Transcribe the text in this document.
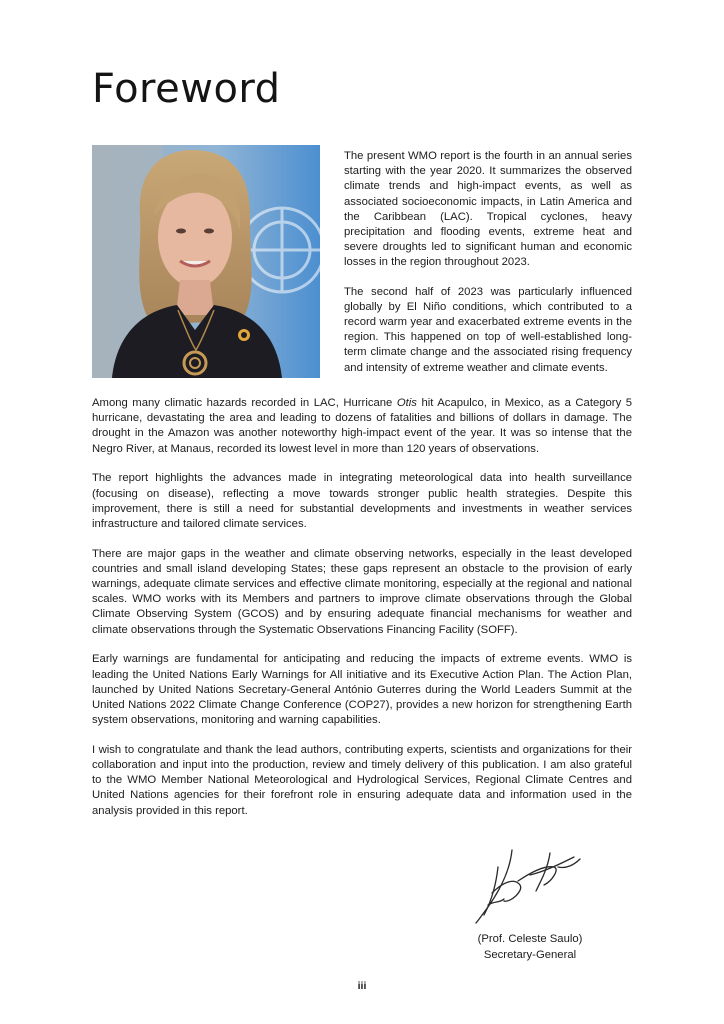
Foreword

The present WMO report is the fourth in an annual series starting with the year 2020. It summarizes the observed climate trends and high-impact events, as well as associated socioeconomic impacts, in Latin America and the Caribbean (LAC). Tropical cyclones, heavy precipitation and flooding events, extreme heat and severe droughts led to significant human and economic losses in the region throughout 2023.

The second half of 2023 was particularly influenced globally by El Niño conditions, which contributed to a record warm year and exacerbated extreme events in the region. This happened on top of well-established long-term climate change and the associated rising frequency and intensity of extreme weather and climate events.

Among many climatic hazards recorded in LAC, Hurricane Otis hit Acapulco, in Mexico, as a Category 5 hurricane, devastating the area and leading to dozens of fatalities and billions of dollars in damage. The drought in the Amazon was another noteworthy high-impact event of the year. It was so intense that the Negro River, at Manaus, recorded its lowest level in more than 120 years of observations.

The report highlights the advances made in integrating meteorological data into health surveillance (focusing on disease), reflecting a move towards stronger public health strategies. Despite this improvement, there is still a need for substantial developments and investments in weather services infrastructure and tailored climate services.

There are major gaps in the weather and climate observing networks, especially in the least developed countries and small island developing States; these gaps represent an obstacle to the provision of early warnings, adequate climate services and effective climate monitoring, especially at the regional and national scales. WMO works with its Members and partners to improve climate observations through the Global Climate Observing System (GCOS) and by ensuring adequate financial mechanisms for weather and climate observations through the Systematic Observations Financing Facility (SOFF).

Early warnings are fundamental for anticipating and reducing the impacts of extreme events. WMO is leading the United Nations Early Warnings for All initiative and its Executive Action Plan. The Action Plan, launched by United Nations Secretary-General António Guterres during the World Leaders Summit at the United Nations 2022 Climate Change Conference (COP27), provides a new horizon for strengthening Earth system observations, monitoring and warning capabilities.

I wish to congratulate and thank the lead authors, contributing experts, scientists and organizations for their collaboration and input into the production, review and timely delivery of this publication. I am also grateful to the WMO Member National Meteorological and Hydrological Services, Regional Climate Centres and United Nations agencies for their forefront role in ensuring adequate data and information used in the analysis provided in this report.

(Prof. Celeste Saulo)
Secretary-General
iii
